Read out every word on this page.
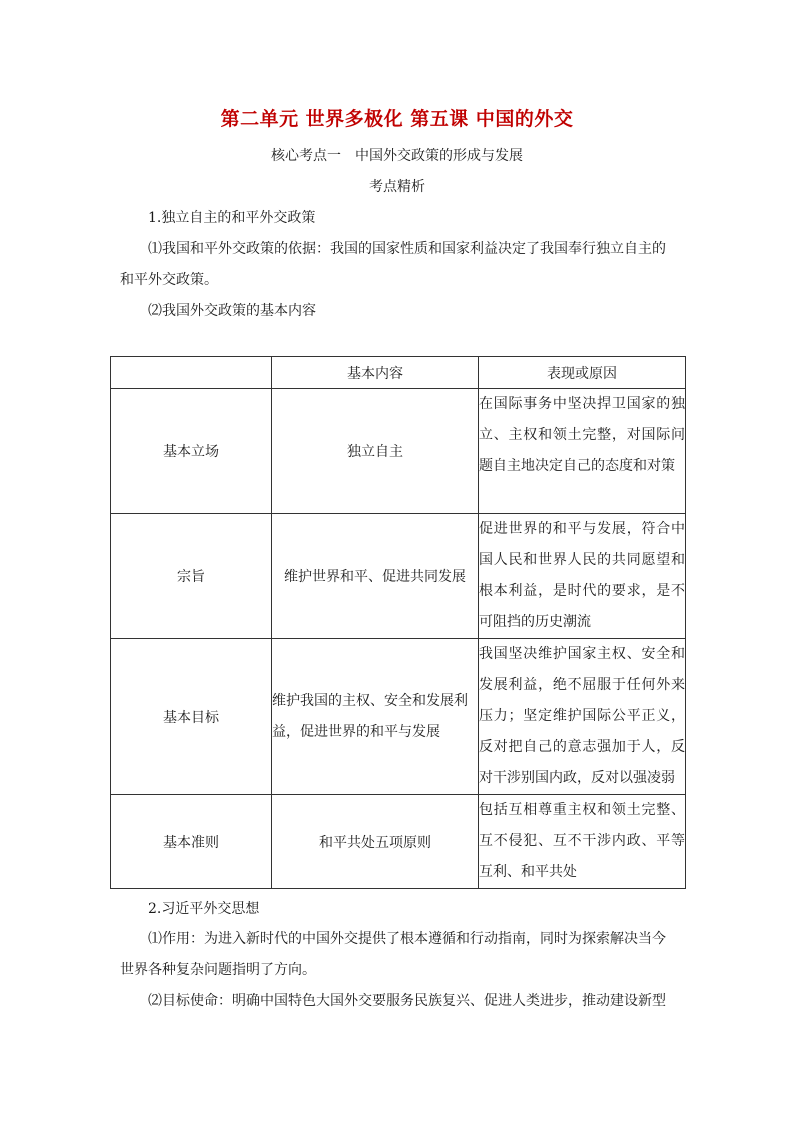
第二单元 世界多极化 第五课 中国的外交
核心考点一 中国外交政策的形成与发展
考点精析
1.独立自主的和平外交政策
⑴我国和平外交政策的依据：我国的国家性质和国家利益决定了我国奉行独立自主的
和平外交政策。
⑵我国外交政策的基本内容
	基本内容	表现或原因
基本立场	独立自主	在国际事务中坚决捍卫国家的独立、主权和领土完整，对国际问题自主地决定自己的态度和对策
宗旨	维护世界和平、促进共同发展	促进世界的和平与发展，符合中国人民和世界人民的共同愿望和根本利益，是时代的要求，是不可阻挡的历史潮流
基本目标	维护我国的主权、安全和发展利益，促进世界的和平与发展	我国坚决维护国家主权、安全和发展利益，绝不屈服于任何外来压力；坚定维护国际公平正义，反对把自己的意志强加于人，反对干涉别国内政，反对以强凌弱
基本准则	和平共处五项原则	包括互相尊重主权和领土完整、互不侵犯、互不干涉内政、平等互利、和平共处
2.习近平外交思想
⑴作用：为进入新时代的中国外交提供了根本遵循和行动指南，同时为探索解决当今
世界各种复杂问题指明了方向。
⑵目标使命：明确中国特色大国外交要服务民族复兴、促进人类进步，推动建设新型
